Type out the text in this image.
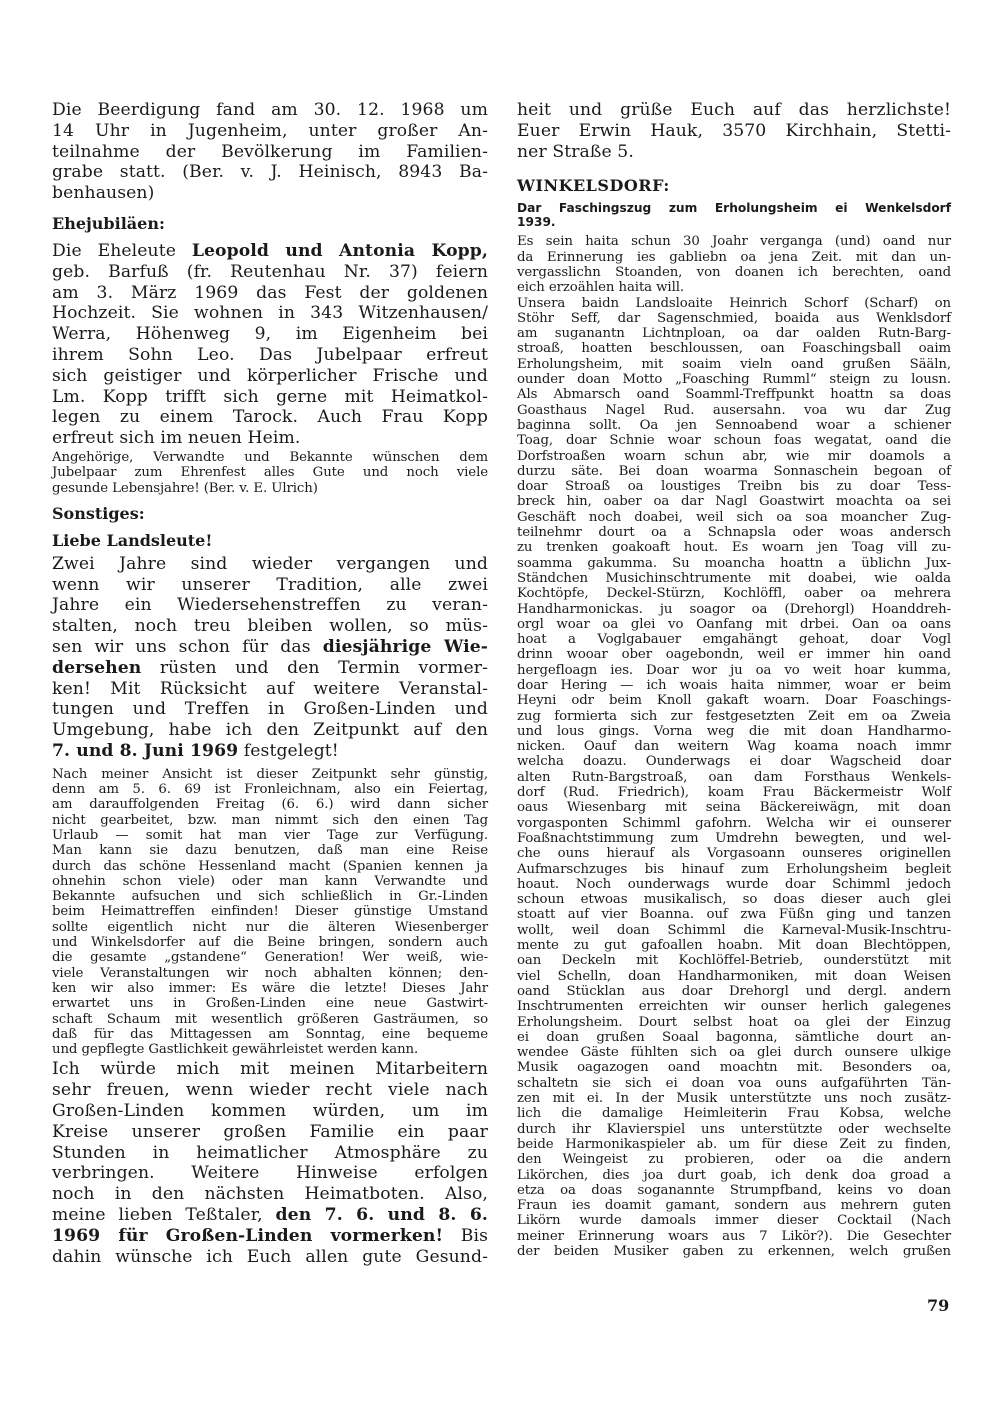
Die Beerdigung fand am 30. 12. 1968 um
14 Uhr in Jugenheim, unter großer An-
teilnahme der Bevölkerung im Familien-
grabe statt. (Ber. v. J. Heinisch, 8943 Ba-
benhausen)

Ehejubiläen:

Die Eheleute Leopold und Antonia Kopp,
geb. Barfuß (fr. Reutenhau Nr. 37) feiern
am 3. März 1969 das Fest der goldenen
Hochzeit. Sie wohnen in 343 Witzenhausen/
Werra, Höhenweg 9, im Eigenheim bei
ihrem Sohn Leo. Das Jubelpaar erfreut
sich geistiger und körperlicher Frische und
Lm. Kopp trifft sich gerne mit Heimatkol-
legen zu einem Tarock. Auch Frau Kopp
erfreut sich im neuen Heim.

Angehörige, Verwandte und Bekannte wünschen dem
Jubelpaar zum Ehrenfest alles Gute und noch viele
gesunde Lebensjahre! (Ber. v. E. Ulrich)

Sonstiges:

Liebe Landsleute!

Zwei Jahre sind wieder vergangen und
wenn wir unserer Tradition, alle zwei
Jahre ein Wiedersehenstreffen zu veran-
stalten, noch treu bleiben wollen, so müs-
sen wir uns schon für das diesjährige Wie-
dersehen rüsten und den Termin vormer-
ken! Mit Rücksicht auf weitere Veranstal-
tungen und Treffen in Großen-Linden und
Umgebung, habe ich den Zeitpunkt auf den
7. und 8. Juni 1969 festgelegt!

Nach meiner Ansicht ist dieser Zeitpunkt sehr günstig,
denn am 5. 6. 69 ist Fronleichnam, also ein Feiertag,
am darauffolgenden Freitag (6. 6.) wird dann sicher
nicht gearbeitet, bzw. man nimmt sich den einen Tag
Urlaub — somit hat man vier Tage zur Verfügung.
Man kann sie dazu benutzen, daß man eine Reise
durch das schöne Hessenland macht (Spanien kennen ja
ohnehin schon viele) oder man kann Verwandte und
Bekannte aufsuchen und sich schließlich in Gr.-Linden
beim Heimattreffen einfinden! Dieser günstige Umstand
sollte eigentlich nicht nur die älteren Wiesenberger
und Winkelsdorfer auf die Beine bringen, sondern auch
die gesamte „gstandene“ Generation! Wer weiß, wie-
viele Veranstaltungen wir noch abhalten können; den-
ken wir also immer: Es wäre die letzte! Dieses Jahr
erwartet uns in Großen-Linden eine neue Gastwirt-
schaft Schaum mit wesentlich größeren Gasträumen, so
daß für das Mittagessen am Sonntag, eine bequeme
und gepflegte Gastlichkeit gewährleistet werden kann.

Ich würde mich mit meinen Mitarbeitern
sehr freuen, wenn wieder recht viele nach
Großen-Linden kommen würden, um im
Kreise unserer großen Familie ein paar
Stunden in heimatlicher Atmosphäre zu
verbringen. Weitere Hinweise erfolgen
noch in den nächsten Heimatboten. Also,
meine lieben Teßtaler, den 7. 6. und 8. 6.
1969 für Großen-Linden vormerken! Bis
dahin wünsche ich Euch allen gute Gesund-

heit und grüße Euch auf das herzlichste!
Euer Erwin Hauk, 3570 Kirchhain, Stetti-
ner Straße 5.

WINKELSDORF:

Dar Faschingszug zum Erholungsheim ei Wenkelsdorf
1939.

Es sein haita schun 30 Joahr verganga (und) oand nur
da Erinnerung ies gabliebn oa jena Zeit. mit dan un-
vergasslichn Stoanden, von doanen ich berechten, oand
eich erzoählen haita will.

Unsera baidn Landsloaite Heinrich Schorf (Scharf) on
Stöhr Seff, dar Sagenschmied, boaida aus Wenklsdorf
am suganantn Lichtnploan, oa dar oalden Rutn-Barg-
stroaß, hoatten beschloussen, oan Foaschingsball oaim
Erholungsheim, mit soaim vieln oand grußen Sääln,
ounder doan Motto „Foasching Rumml“ steign zu lousn.
Als Abmarsch oand Soamml-Treffpunkt hoattn sa doas
Goasthaus Nagel Rud. ausersahn. voa wu dar Zug
baginna sollt. Oa jen Sennoabend woar a schiener
Toag, doar Schnie woar schoun foas wegatat, oand die
Dorfstroaßen woarn schun abr, wie mir doamols a
durzu säte. Bei doan woarma Sonnaschein begoan of
doar Stroaß oa loustiges Treibn bis zu doar Tess-
breck hin, oaber oa dar Nagl Goastwirt moachta oa sei
Geschäft noch doabei, weil sich oa soa moancher Zug-
teilnehmr dourt oa a Schnapsla oder woas andersch
zu trenken goakoaft hout. Es woarn jen Toag vill zu-
soamma gakumma. Su moancha hoattn a üblichn Jux-
Ständchen Musichinschtrumente mit doabei, wie oalda
Kochtöpfe, Deckel-Stürzn, Kochlöffl, oaber oa mehrera
Handharmonickas. ju soagor oa (Drehorgl) Hoanddreh-
orgl woar oa glei vo Oanfang mit drbei. Oan oa oans
hoat a Voglgabauer emgahängt gehoat, doar Vogl
drinn wooar ober oagebondn, weil er immer hin oand
hergefloagn ies. Doar wor ju oa vo weit hoar kumma,
doar Hering — ich woais haita nimmer, woar er beim
Heyni odr beim Knoll gakaft woarn. Doar Foaschings-
zug formierta sich zur festgesetzten Zeit em oa Zweia
und lous gings. Vorna weg die mit doan Handharmo-
nicken. Oauf dan weitern Wag koama noach immr
welcha doazu. Ounderwags ei doar Wagscheid doar
alten Rutn-Bargstroaß, oan dam Forsthaus Wenkels-
dorf (Rud. Friedrich), koam Frau Bäckermeistr Wolf
oaus Wiesenbarg mit seina Bäckereiwägn, mit doan
vorgasponten Schimml gafohrn. Welcha wir ei ounserer
Foaßnachtstimmung zum Umdrehn bewegten, und wel-
che ouns hierauf als Vorgasoann ounseres originellen
Aufmarschzuges bis hinauf zum Erholungsheim begleit
hoaut. Noch ounderwags wurde doar Schimml jedoch
schoun etwoas musikalisch, so doas dieser auch glei
stoatt auf vier Boanna. ouf zwa Füßn ging und tanzen
wollt, weil doan Schimml die Karneval-Musik-Inschtru-
mente zu gut gafoallen hoabn. Mit doan Blechtöppen,
oan Deckeln mit Kochlöffel-Betrieb, ounderstützt mit
viel Schelln, doan Handharmoniken, mit doan Weisen
oand Stücklan aus doar Drehorgl und dergl. andern
Inschtrumenten erreichten wir ounser herlich galegenes
Erholungsheim. Dourt selbst hoat oa glei der Einzug
ei doan grußen Soaal bagonna, sämtliche dourt an-
wendee Gäste fühlten sich oa glei durch ounsere ulkige
Musik oagazogen oand moachtn mit. Besonders oa,
schaltetn sie sich ei doan voa ouns aufgaführten Tän-
zen mit ei. In der Musik unterstützte uns noch zusätz-
lich die damalige Heimleiterin Frau Kobsa, welche
durch ihr Klavierspiel uns unterstützte oder wechselte
beide Harmonikaspieler ab. um für diese Zeit zu finden,
den Weingeist zu probieren, oder oa die andern
Likörchen, dies joa durt goab, ich denk doa groad a
etza oa doas sogananntе Strumpfband, keins vo doan
Fraun ies doamit gamant, sondern aus mehrern guten
Likörn wurde damoals immer dieser Cocktail (Nach
meiner Erinnerung woars aus 7 Likör?). Die Gesechter
der beiden Musiker gaben zu erkennen, welch grußen

79
